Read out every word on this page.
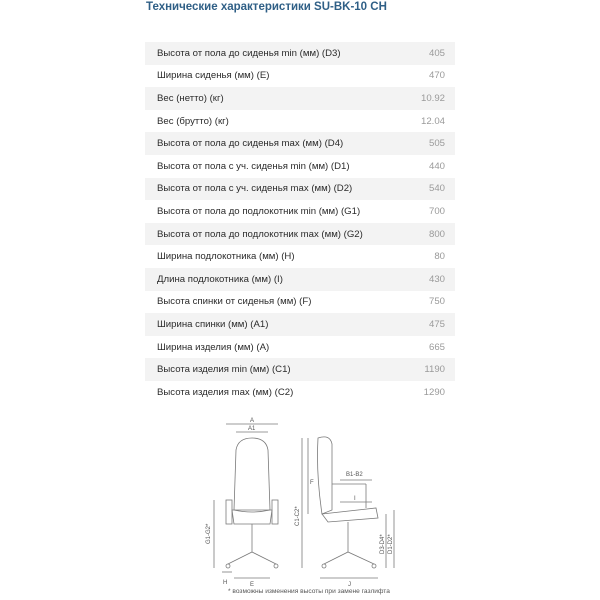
Технические характеристики SU-BK-10 CH
Высота от пола до сиденья min (мм) (D3)	405
Ширина сиденья (мм) (E)	470
Вес (нетто) (кг)	10.92
Вес (брутто) (кг)	12.04
Высота от пола до сиденья max (мм) (D4)	505
Высота от пола с уч. сиденья min (мм) (D1)	440
Высота от пола с уч. сиденья max (мм) (D2)	540
Высота от пола до подлокотник min (мм) (G1)	700
Высота от пола до подлокотник max (мм) (G2)	800
Ширина подлокотника (мм) (H)	80
Длина подлокотника (мм) (I)	430
Высота спинки от сиденья (мм) (F)	750
Ширина спинки (мм) (A1)	475
Ширина изделия (мм) (A)	665
Высота изделия min (мм) (C1)	1190
Высота изделия max (мм) (C2)	1290
A
A1
G1-G2*
H	E
F
C1-C2*
B1-B2
I
D3-D4* D1-D2*
J
* возможны изменения высоты при замене газлифта
